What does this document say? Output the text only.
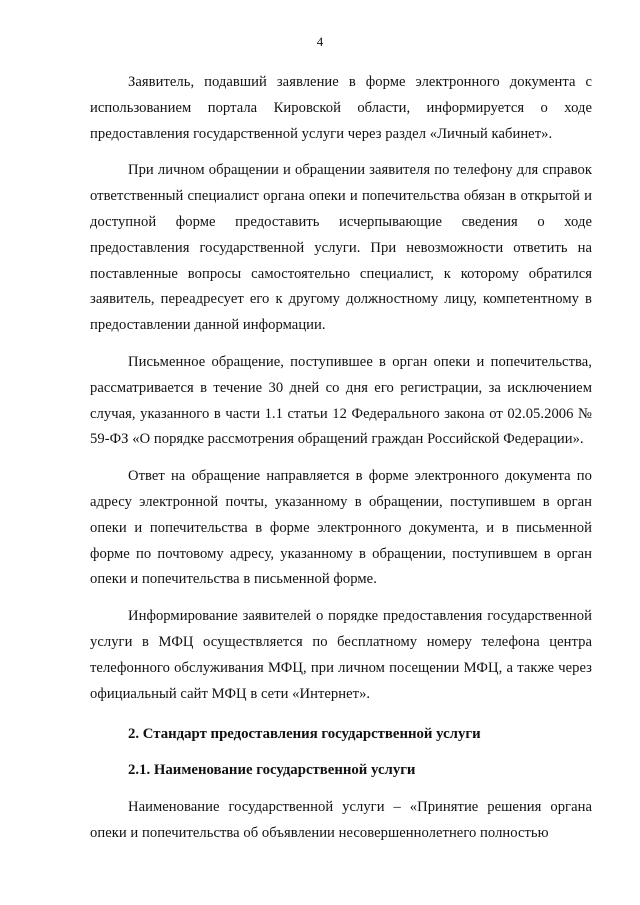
4

Заявитель, подавший заявление в форме электронного документа с использованием портала Кировской области, информируется о ходе предоставления государственной услуги через раздел «Личный кабинет».

При личном обращении и обращении заявителя по телефону для справок ответственный специалист органа опеки и попечительства обязан в открытой и доступной форме предоставить исчерпывающие сведения о ходе предоставления государственной услуги. При невозможности ответить на поставленные вопросы самостоятельно специалист, к которому обратился заявитель, переадресует его к другому должностному лицу, компетентному в предоставлении данной информации.

Письменное обращение, поступившее в орган опеки и попечительства, рассматривается в течение 30 дней со дня его регистрации, за исключением случая, указанного в части 1.1 статьи 12 Федерального закона от 02.05.2006 № 59-ФЗ «О порядке рассмотрения обращений граждан Российской Федерации».

Ответ на обращение направляется в форме электронного документа по адресу электронной почты, указанному в обращении, поступившем в орган опеки и попечительства в форме электронного документа, и в письменной форме по почтовому адресу, указанному в обращении, поступившем в орган опеки и попечительства в письменной форме.

Информирование заявителей о порядке предоставления государственной услуги в МФЦ осуществляется по бесплатному номеру телефона центра телефонного обслуживания МФЦ, при личном посещении МФЦ, а также через официальный сайт МФЦ в сети «Интернет».

2. Стандарт предоставления государственной услуги

2.1. Наименование государственной услуги

Наименование государственной услуги – «Принятие решения органа опеки и попечительства об объявлении несовершеннолетнего полностью
